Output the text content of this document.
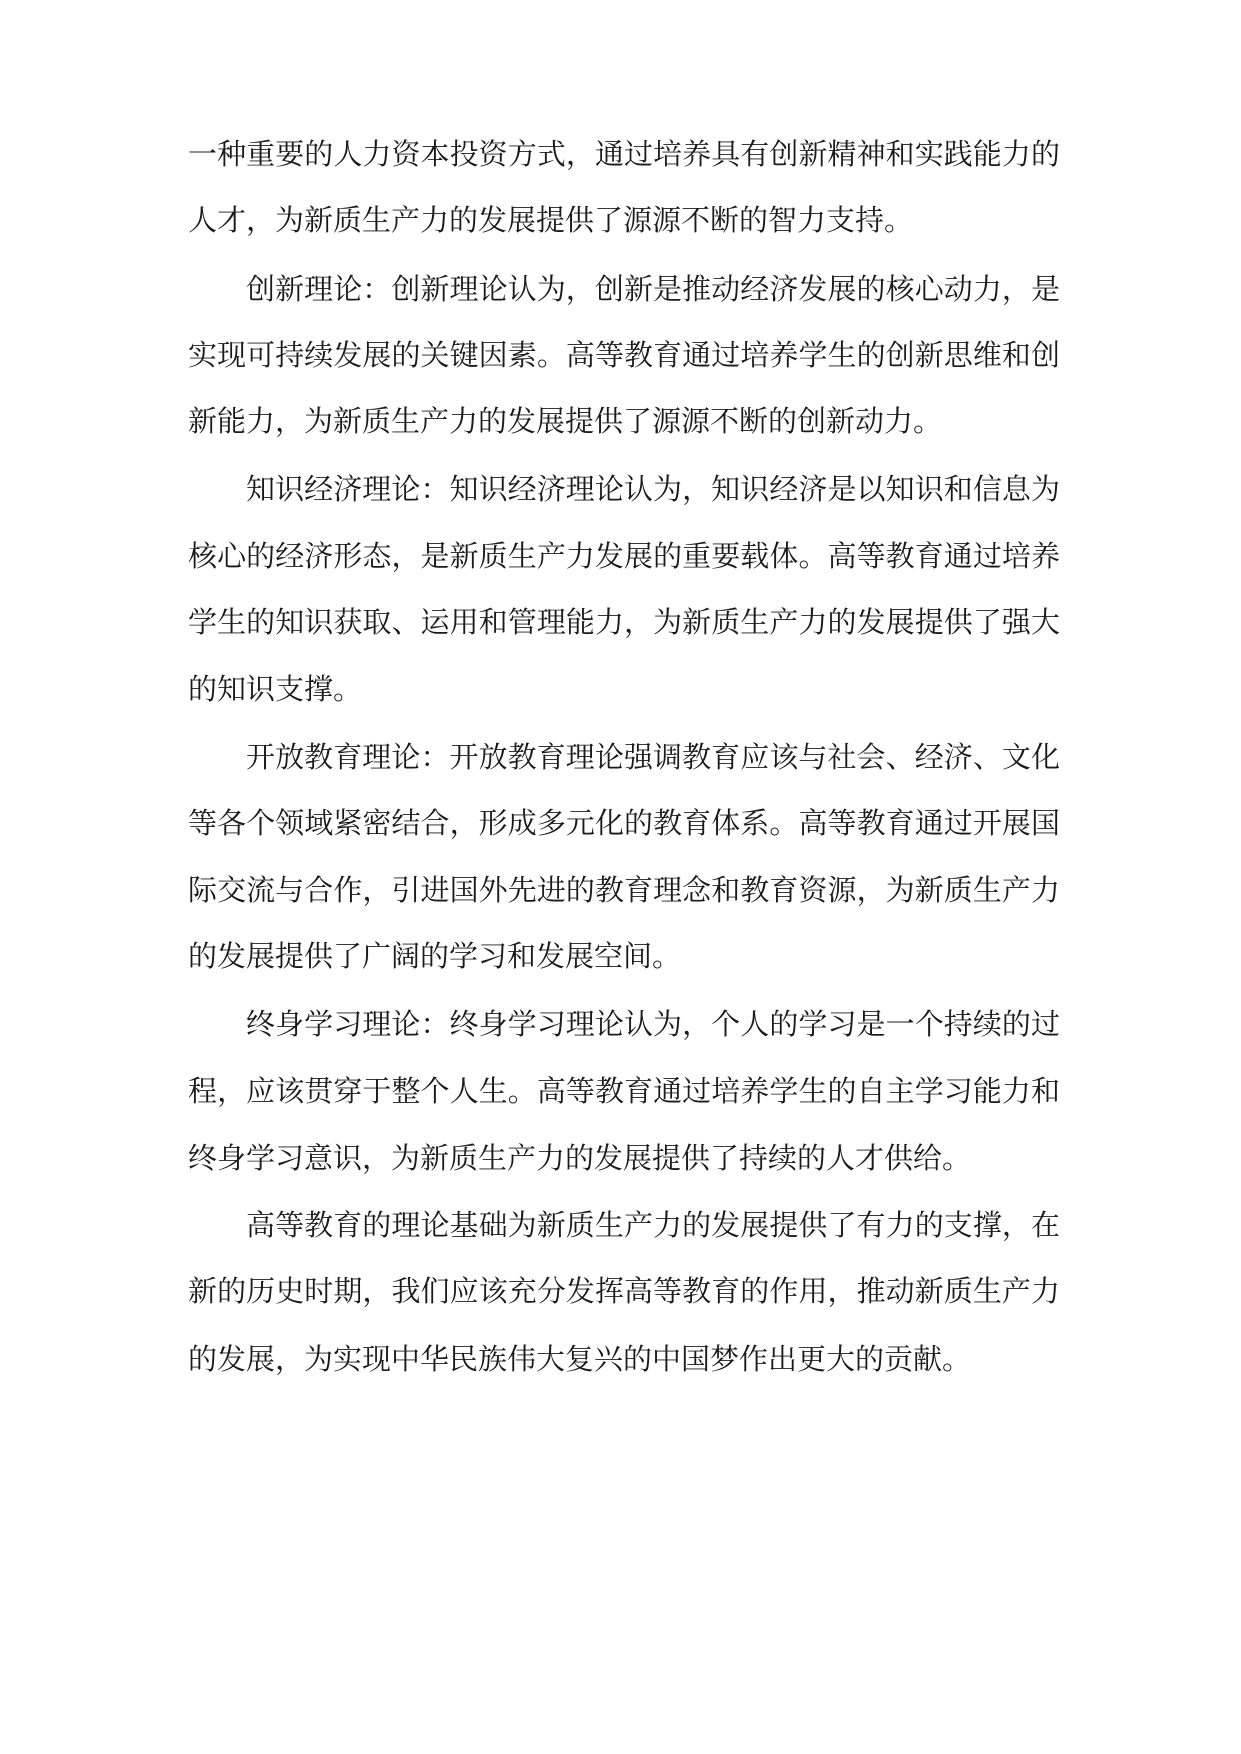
一种重要的人力资本投资方式，通过培养具有创新精神和实践能力的
人才，为新质生产力的发展提供了源源不断的智力支持。
创新理论：创新理论认为，创新是推动经济发展的核心动力，是
实现可持续发展的关键因素。高等教育通过培养学生的创新思维和创
新能力，为新质生产力的发展提供了源源不断的创新动力。
知识经济理论：知识经济理论认为，知识经济是以知识和信息为
核心的经济形态，是新质生产力发展的重要载体。高等教育通过培养
学生的知识获取、运用和管理能力，为新质生产力的发展提供了强大
的知识支撑。
开放教育理论：开放教育理论强调教育应该与社会、经济、文化
等各个领域紧密结合，形成多元化的教育体系。高等教育通过开展国
际交流与合作，引进国外先进的教育理念和教育资源，为新质生产力
的发展提供了广阔的学习和发展空间。
终身学习理论：终身学习理论认为，个人的学习是一个持续的过
程，应该贯穿于整个人生。高等教育通过培养学生的自主学习能力和
终身学习意识，为新质生产力的发展提供了持续的人才供给。
高等教育的理论基础为新质生产力的发展提供了有力的支撑，在
新的历史时期，我们应该充分发挥高等教育的作用，推动新质生产力
的发展，为实现中华民族伟大复兴的中国梦作出更大的贡献。
